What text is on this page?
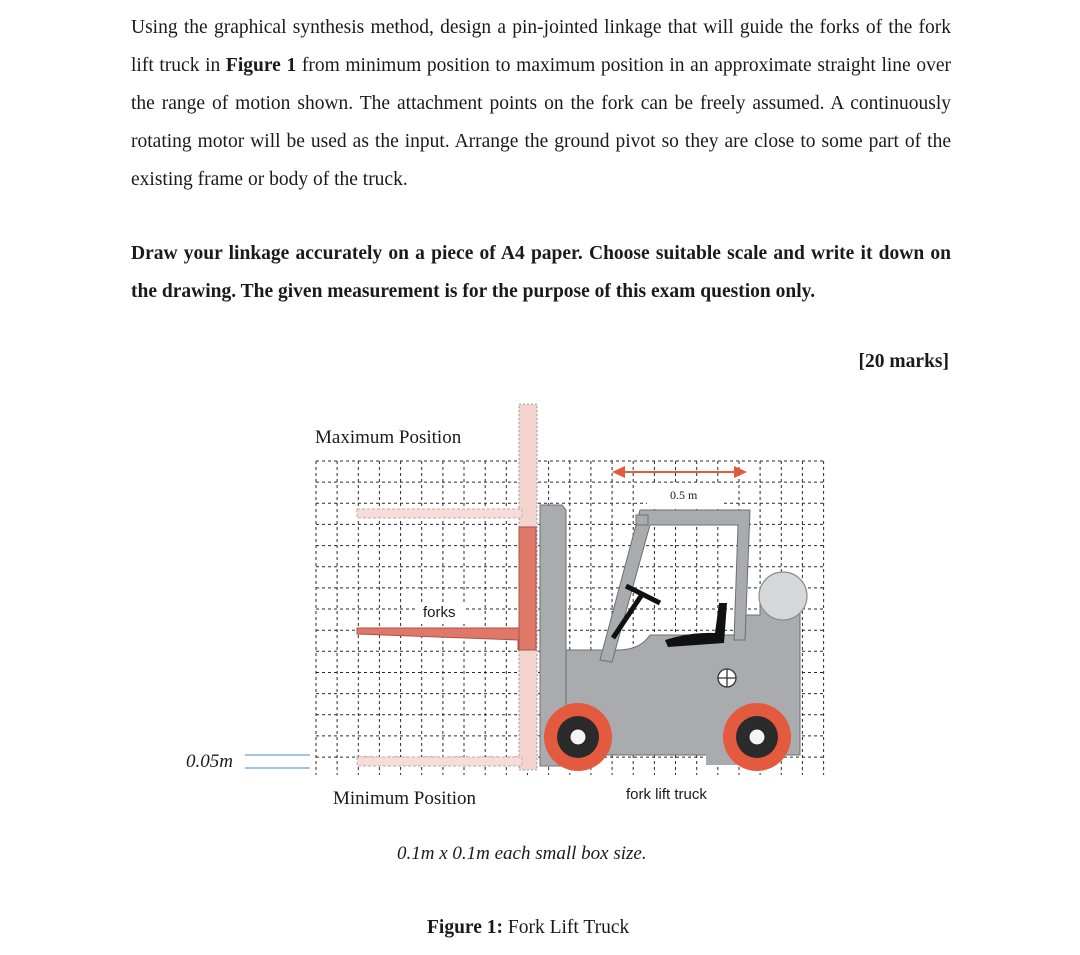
Using the graphical synthesis method, design a pin-jointed linkage that will guide the forks of the fork lift truck in Figure 1 from minimum position to maximum position in an approximate straight line over the range of motion shown. The attachment points on the fork can be freely assumed. A continuously rotating motor will be used as the input. Arrange the ground pivot so they are close to some part of the existing frame or body of the truck.

Draw your linkage accurately on a piece of A4 paper. Choose suitable scale and write it down on the drawing. The given measurement is for the purpose of this exam question only.

[20 marks]

Maximum Position

forks

0.5 m

0.05m

Minimum Position	fork lift truck

0.1m x 0.1m each small box size.

Figure 1: Fork Lift Truck
